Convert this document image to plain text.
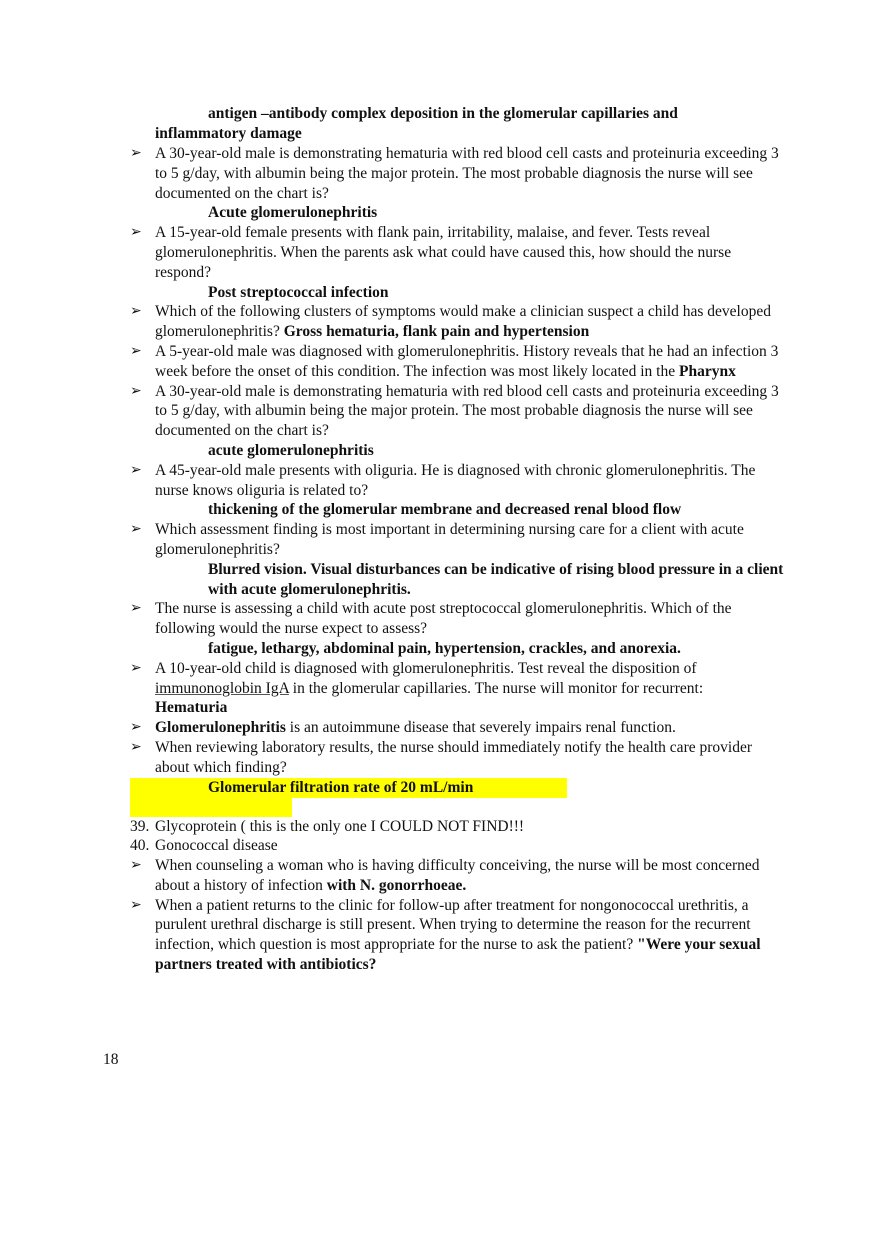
antigen –antibody complex deposition in the glomerular capillaries and
inflammatory damage
➢ A 30-year-old male is demonstrating hematuria with red blood cell casts and proteinuria exceeding 3 to 5 g/day, with albumin being the major protein. The most probable diagnosis the nurse will see documented on the chart is?
Acute glomerulonephritis
➢ A 15-year-old female presents with flank pain, irritability, malaise, and fever. Tests reveal glomerulonephritis. When the parents ask what could have caused this, how should the nurse respond?
Post streptococcal infection
➢ Which of the following clusters of symptoms would make a clinician suspect a child has developed glomerulonephritis? Gross hematuria, flank pain and hypertension
➢ A 5-year-old male was diagnosed with glomerulonephritis. History reveals that he had an infection 3 week before the onset of this condition. The infection was most likely located in the Pharynx
➢ A 30-year-old male is demonstrating hematuria with red blood cell casts and proteinuria exceeding 3 to 5 g/day, with albumin being the major protein. The most probable diagnosis the nurse will see documented on the chart is?
acute glomerulonephritis
➢ A 45-year-old male presents with oliguria. He is diagnosed with chronic glomerulonephritis. The nurse knows oliguria is related to?
thickening of the glomerular membrane and decreased renal blood flow
➢ Which assessment finding is most important in determining nursing care for a client with acute glomerulonephritis?
Blurred vision. Visual disturbances can be indicative of rising blood pressure in a client with acute glomerulonephritis.
➢ The nurse is assessing a child with acute post streptococcal glomerulonephritis. Which of the following would the nurse expect to assess?
fatigue, lethargy, abdominal pain, hypertension, crackles, and anorexia.
➢ A 10-year-old child is diagnosed with glomerulonephritis. Test reveal the disposition of immunonoglobin IgA in the glomerular capillaries. The nurse will monitor for recurrent:
Hematuria
➢ Glomerulonephritis is an autoimmune disease that severely impairs renal function.
➢ When reviewing laboratory results, the nurse should immediately notify the health care provider about which finding?
Glomerular filtration rate of 20 mL/min
39. Glycoprotein ( this is the only one I COULD NOT FIND!!!
40. Gonococcal disease
➢ When counseling a woman who is having difficulty conceiving, the nurse will be most concerned about a history of infection with N. gonorrhoeae.
➢ When a patient returns to the clinic for follow-up after treatment for nongonococcal urethritis, a purulent urethral discharge is still present. When trying to determine the reason for the recurrent infection, which question is most appropriate for the nurse to ask the patient? "Were your sexual partners treated with antibiotics?
18
